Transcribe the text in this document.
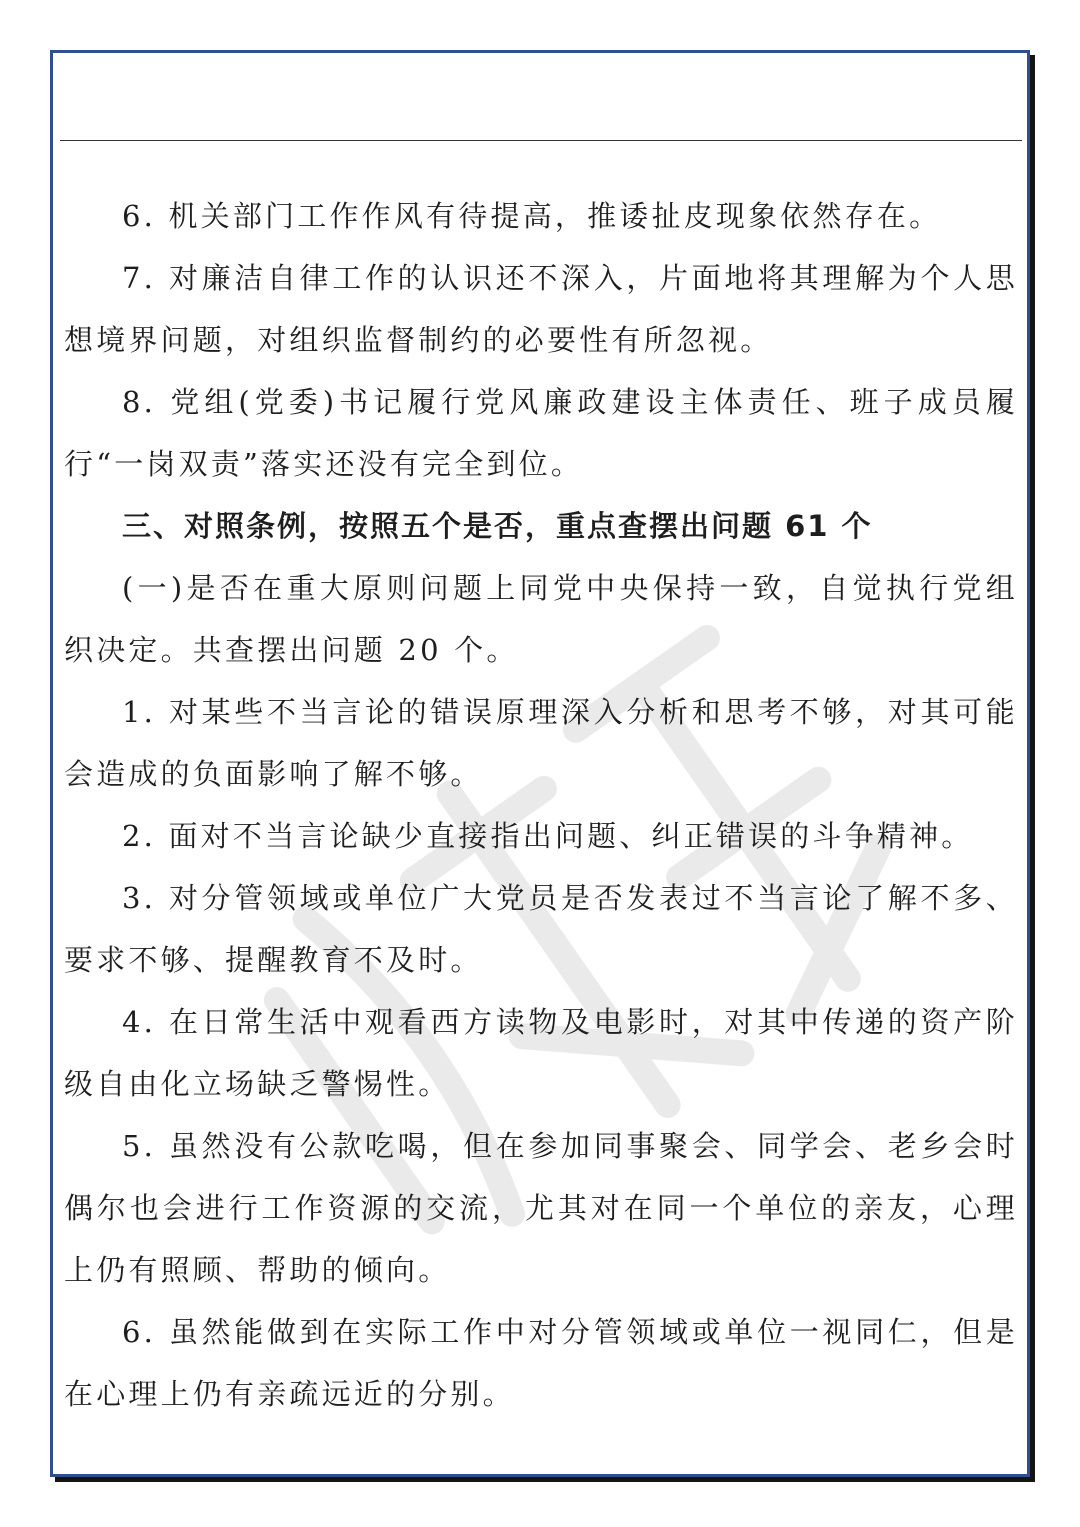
6. 机关部门工作作风有待提高，推诿扯皮现象依然存在。

7. 对廉洁自律工作的认识还不深入，片面地将其理解为个人思想境界问题，对组织监督制约的必要性有所忽视。

8. 党组(党委)书记履行党风廉政建设主体责任、班子成员履行“一岗双责”落实还没有完全到位。

三、对照条例，按照五个是否，重点查摆出问题 61 个

(一)是否在重大原则问题上同党中央保持一致，自觉执行党组织决定。共查摆出问题 20 个。

1. 对某些不当言论的错误原理深入分析和思考不够，对其可能会造成的负面影响了解不够。

2. 面对不当言论缺少直接指出问题、纠正错误的斗争精神。

3. 对分管领域或单位广大党员是否发表过不当言论了解不多、要求不够、提醒教育不及时。

4. 在日常生活中观看西方读物及电影时，对其中传递的资产阶级自由化立场缺乏警惕性。

5. 虽然没有公款吃喝，但在参加同事聚会、同学会、老乡会时偶尔也会进行工作资源的交流，尤其对在同一个单位的亲友，心理上仍有照顾、帮助的倾向。

6. 虽然能做到在实际工作中对分管领域或单位一视同仁，但是在心理上仍有亲疏远近的分别。
